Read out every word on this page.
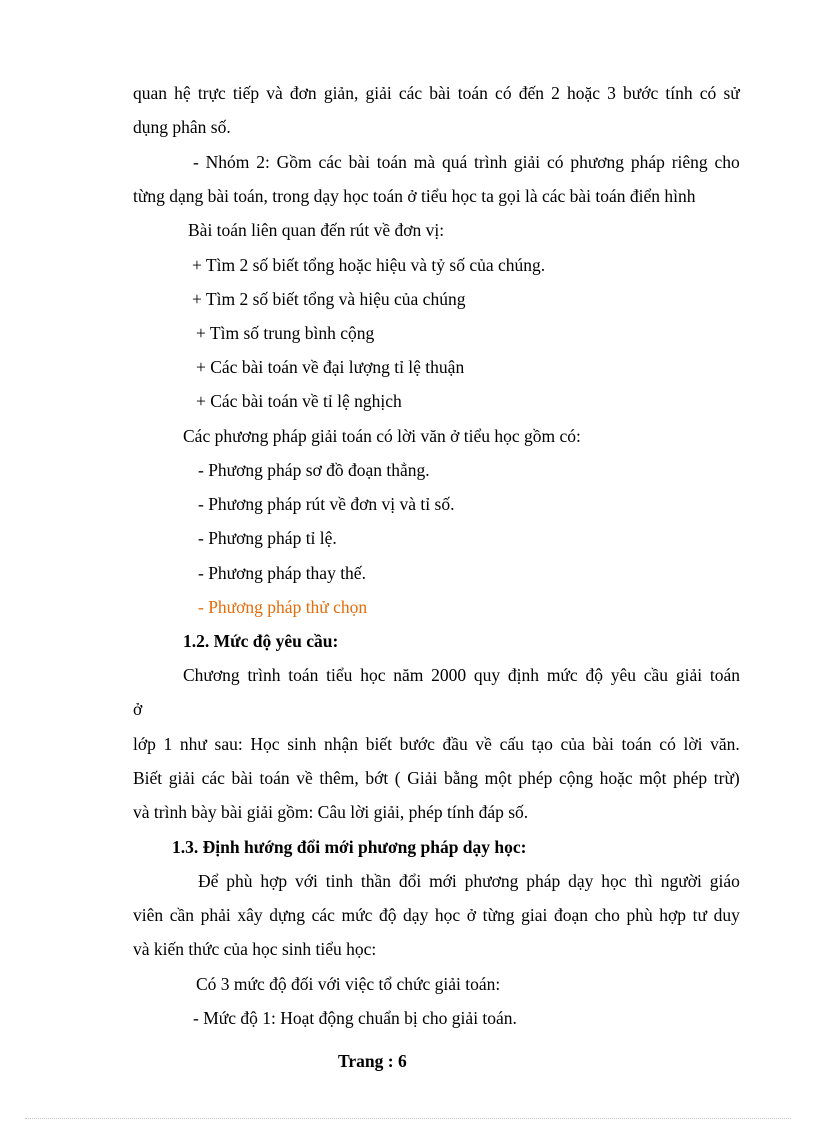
quan hệ trực tiếp và đơn giản, giải các bài toán có đến 2 hoặc 3 bước tính có sử
dụng phân số.
- Nhóm 2: Gồm các bài toán mà quá trình giải có phương pháp riêng cho
từng dạng bài toán, trong dạy học toán ở tiểu học ta gọi là các bài toán điển hình
Bài toán liên quan đến rút về đơn vị:
+ Tìm 2 số biết tổng hoặc hiệu và tỷ số của chúng.
+ Tìm 2 số biết tổng và hiệu của chúng
+ Tìm số trung bình cộng
+ Các bài toán về đại lượng tỉ lệ thuận
+ Các bài toán về tỉ lệ nghịch
Các phương pháp giải toán có lời văn ở tiểu học gồm có:
- Phương pháp sơ đồ đoạn thẳng.
- Phương pháp rút về đơn vị và tỉ số.
- Phương pháp tỉ lệ.
- Phương pháp thay thế.
- Phương pháp thử chọn
1.2. Mức độ yêu cầu:
Chương trình toán tiểu học năm 2000 quy định mức độ yêu cầu giải toán
ở
lớp 1 như sau: Học sinh nhận biết bước đầu về cấu tạo của bài toán có lời văn.
Biết giải các bài toán về thêm, bớt ( Giải bằng một phép cộng hoặc một phép trừ)
và trình bày bài giải gồm: Câu lời giải, phép tính đáp số.
1.3. Định hướng đổi mới phương pháp dạy học:
Để phù hợp với tinh thần đổi mới phương pháp dạy học thì người giáo
viên cần phải xây dựng các mức độ dạy học ở từng giai đoạn cho phù hợp tư duy
và kiến thức của học sinh tiểu học:
Có 3 mức độ đối với việc tổ chức giải toán:
- Mức độ 1: Hoạt động chuẩn bị cho giải toán.
Trang : 6
